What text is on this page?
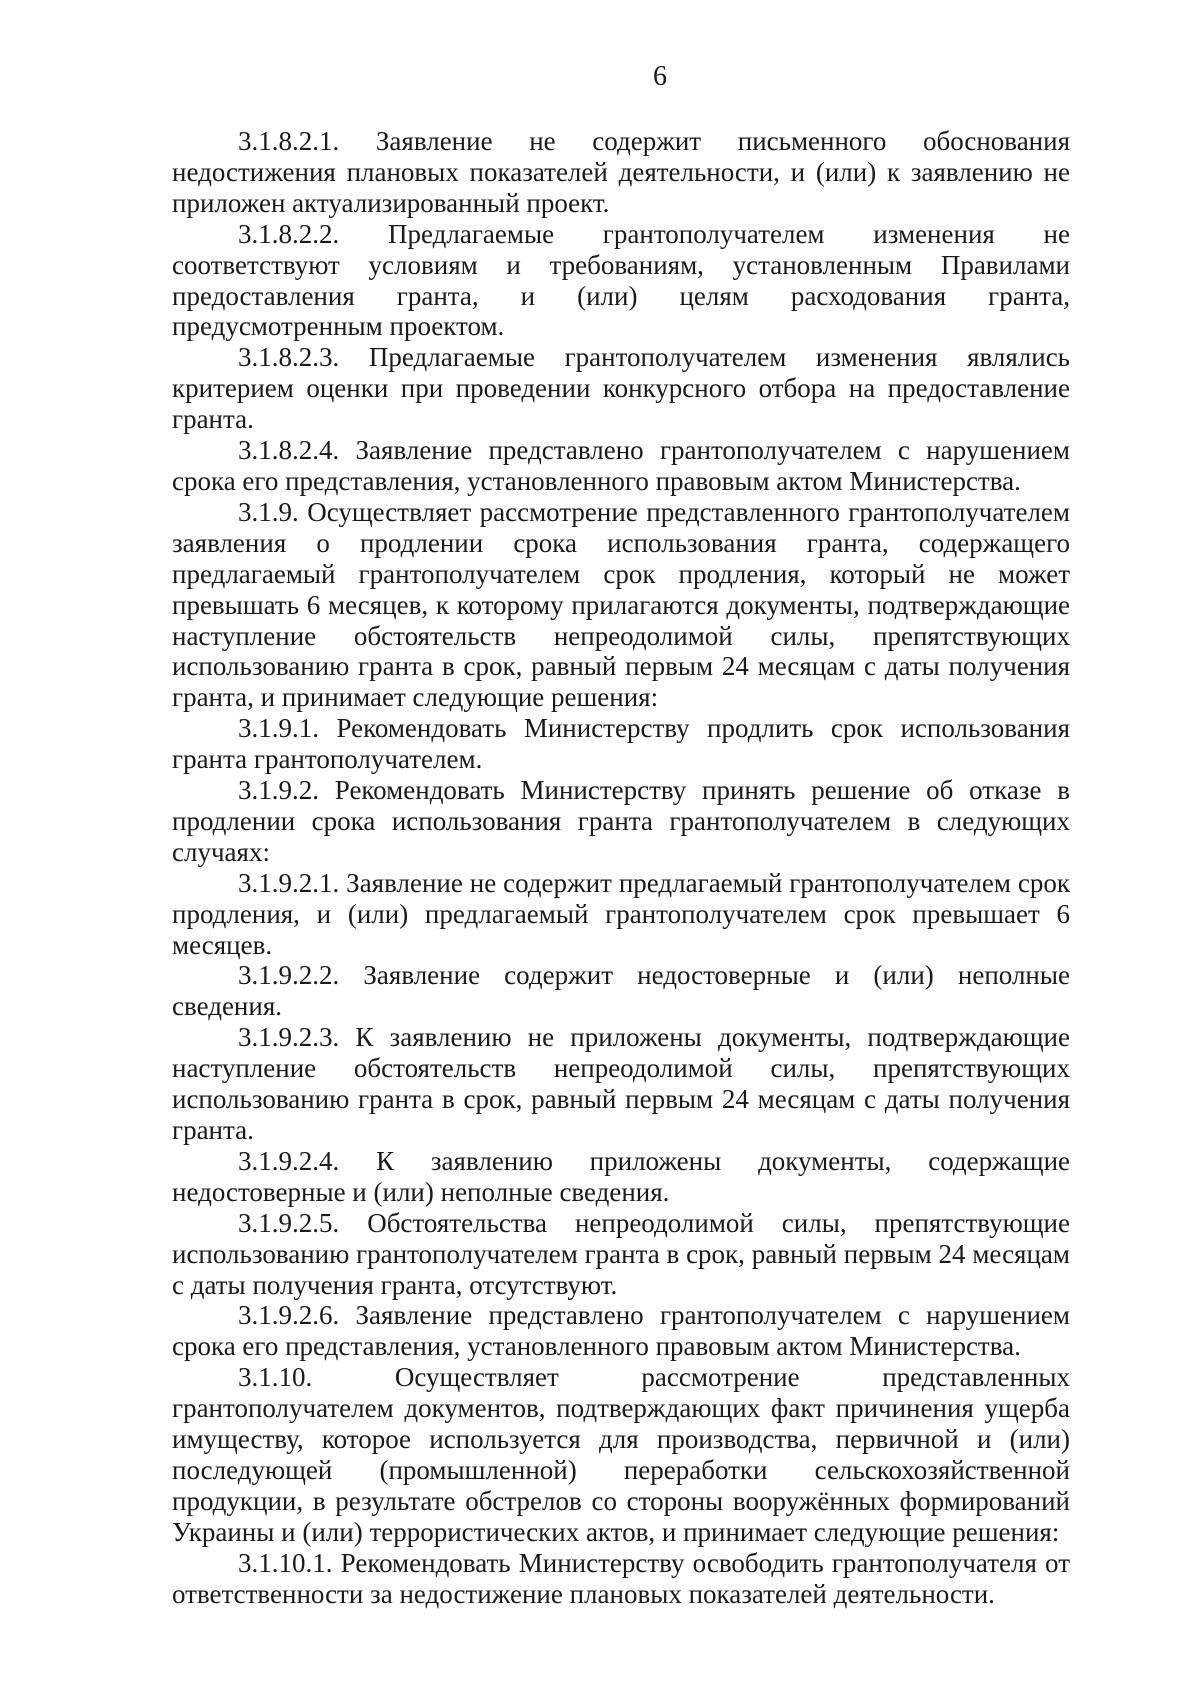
6

3.1.8.2.1. Заявление не содержит письменного обоснования недостижения плановых показателей деятельности, и (или) к заявлению не приложен актуализированный проект.

3.1.8.2.2. Предлагаемые грантополучателем изменения не соответствуют условиям и требованиям, установленным Правилами предоставления гранта, и (или) целям расходования гранта, предусмотренным проектом.

3.1.8.2.3. Предлагаемые грантополучателем изменения являлись критерием оценки при проведении конкурсного отбора на предоставление гранта.

3.1.8.2.4. Заявление представлено грантополучателем с нарушением срока его представления, установленного правовым актом Министерства.

3.1.9. Осуществляет рассмотрение представленного грантополучателем заявления о продлении срока использования гранта, содержащего предлагаемый грантополучателем срок продления, который не может превышать 6 месяцев, к которому прилагаются документы, подтверждающие наступление обстоятельств непреодолимой силы, препятствующих использованию гранта в срок, равный первым 24 месяцам с даты получения гранта, и принимает следующие решения:

3.1.9.1. Рекомендовать Министерству продлить срок использования гранта грантополучателем.

3.1.9.2. Рекомендовать Министерству принять решение об отказе в продлении срока использования гранта грантополучателем в следующих случаях:

3.1.9.2.1. Заявление не содержит предлагаемый грантополучателем срок продления, и (или) предлагаемый грантополучателем срок превышает 6 месяцев.

3.1.9.2.2. Заявление содержит недостоверные и (или) неполные сведения.

3.1.9.2.3. К заявлению не приложены документы, подтверждающие наступление обстоятельств непреодолимой силы, препятствующих использованию гранта в срок, равный первым 24 месяцам с даты получения гранта.

3.1.9.2.4. К заявлению приложены документы, содержащие недостоверные и (или) неполные сведения.

3.1.9.2.5. Обстоятельства непреодолимой силы, препятствующие использованию грантополучателем гранта в срок, равный первым 24 месяцам с даты получения гранта, отсутствуют.

3.1.9.2.6. Заявление представлено грантополучателем с нарушением срока его представления, установленного правовым актом Министерства.

3.1.10. Осуществляет рассмотрение представленных грантополучателем документов, подтверждающих факт причинения ущерба имуществу, которое используется для производства, первичной и (или) последующей (промышленной) переработки сельскохозяйственной продукции, в результате обстрелов со стороны вооружённых формирований Украины и (или) террористических актов, и принимает следующие решения:

3.1.10.1. Рекомендовать Министерству освободить грантополучателя от ответственности за недостижение плановых показателей деятельности.
